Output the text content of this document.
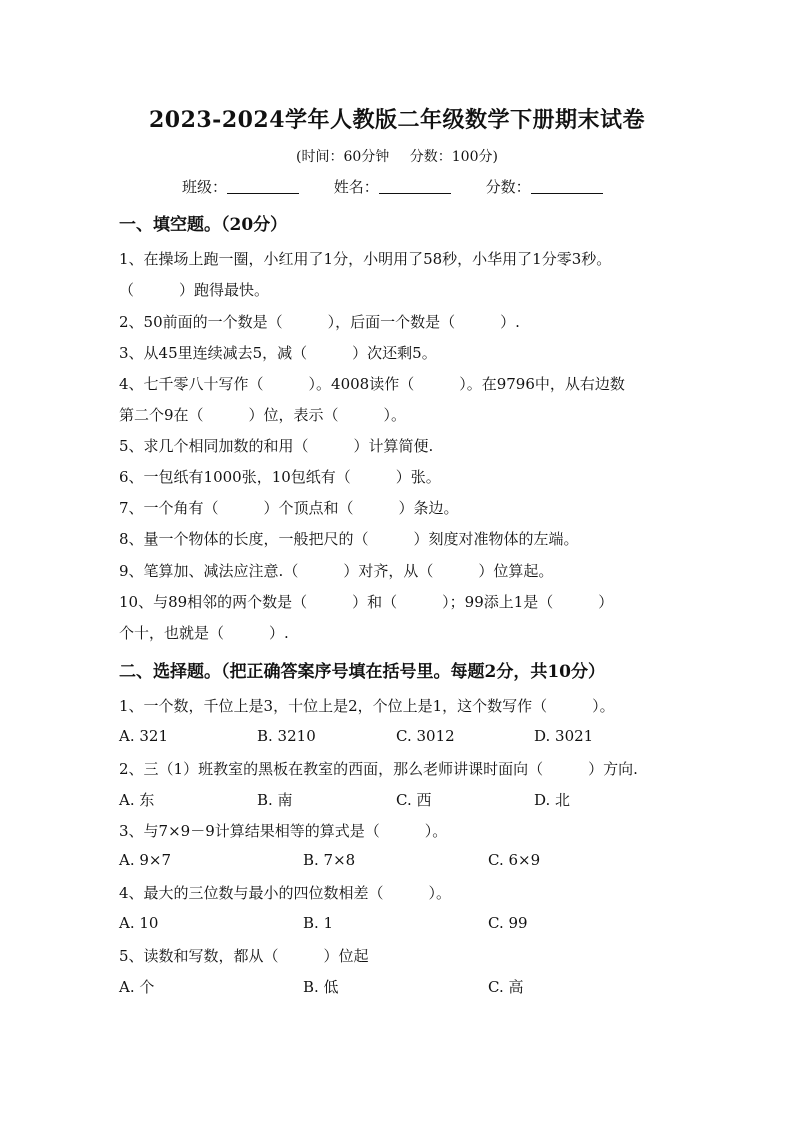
2023-2024学年人教版二年级数学下册期末试卷
(时间：60分钟 分数：100分)
班级：	姓名：	分数：
一、填空题。（20分）
1、在操场上跑一圈，小红用了1分，小明用了58秒，小华用了1分零3秒。
（　　　）跑得最快。
2、50前面的一个数是（　　　），后面一个数是（　　　）.
3、从45里连续减去5，减（　　　）次还剩5。
4、七千零八十写作（　　　）。4008读作（　　　）。在9796中，从右边数
第二个9在（　　　）位，表示（　　　）。
5、求几个相同加数的和用（　　　）计算简便.
6、一包纸有1000张，10包纸有（　　　）张。
7、一个角有（　　　）个顶点和（　　　）条边。
8、量一个物体的长度，一般把尺的（　　　）刻度对准物体的左端。
9、笔算加、减法应注意.（　　　）对齐，从（　　　）位算起。
10、与89相邻的两个数是（　　　）和（　　　）；99添上1是（　　　）
个十，也就是（　　　）.
二、选择题。（把正确答案序号填在括号里。每题2分，共10分）
1、一个数，千位上是3，十位上是2，个位上是1，这个数写作（　　　）。
A. 321	B. 3210	C. 3012	D. 3021
2、三（1）班教室的黑板在教室的西面，那么老师讲课时面向（　　　）方向.
A. 东	B. 南	C. 西	D. 北
3、与7×9－9计算结果相等的算式是（　　　）。
A. 9×7	B. 7×8	C. 6×9
4、最大的三位数与最小的四位数相差（　　　）。
A. 10	B. 1	C. 99
5、读数和写数，都从（　　　）位起
A. 个	B. 低	C. 高
